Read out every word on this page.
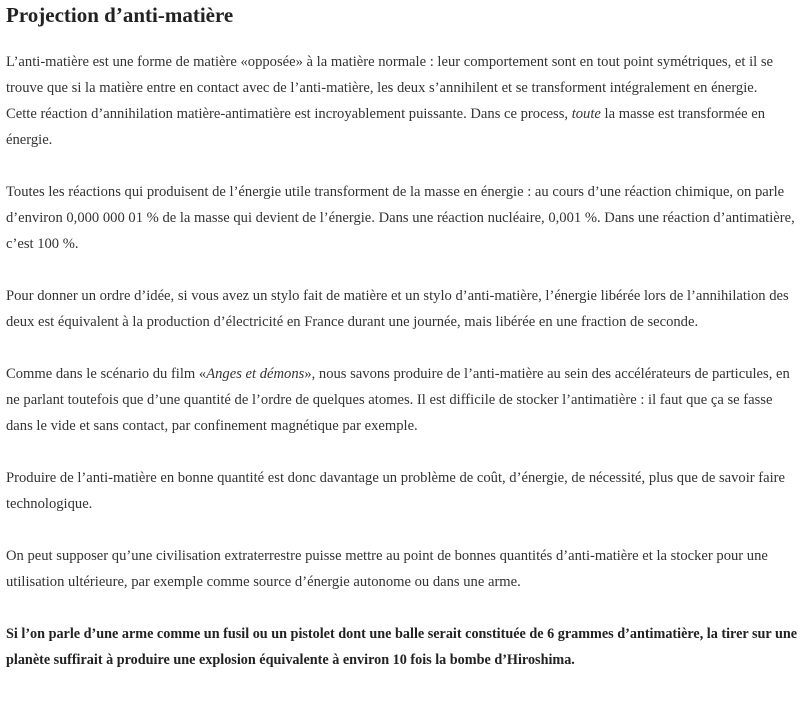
Projection d’anti-matière

L’anti-matière est une forme de matière «opposée» à la matière normale : leur comportement sont en tout point symétriques, et il se trouve que si la matière entre en contact avec de l’anti-matière, les deux s’annihilent et se transforment intégralement en énergie.
Cette réaction d’annihilation matière-antimatière est incroyablement puissante. Dans ce process, toute la masse est transformée en énergie.

Toutes les réactions qui produisent de l’énergie utile transforment de la masse en énergie : au cours d’une réaction chimique, on parle d’environ 0,000 000 01 % de la masse qui devient de l’énergie. Dans une réaction nucléaire, 0,001 %. Dans une réaction d’antimatière, c’est 100 %.

Pour donner un ordre d’idée, si vous avez un stylo fait de matière et un stylo d’anti-matière, l’énergie libérée lors de l’annihilation des deux est équivalent à la production d’électricité en France durant une journée, mais libérée en une fraction de seconde.

Comme dans le scénario du film «Anges et démons», nous savons produire de l’anti-matière au sein des accélérateurs de particules, en ne parlant toutefois que d’une quantité de l’ordre de quelques atomes. Il est difficile de stocker l’antimatière : il faut que ça se fasse dans le vide et sans contact, par confinement magnétique par exemple.

Produire de l’anti-matière en bonne quantité est donc davantage un problème de coût, d’énergie, de nécessité, plus que de savoir faire technologique.

On peut supposer qu’une civilisation extraterrestre puisse mettre au point de bonnes quantités d’anti-matière et la stocker pour une utilisation ultérieure, par exemple comme source d’énergie autonome ou dans une arme.

Si l’on parle d’une arme comme un fusil ou un pistolet dont une balle serait constituée de 6 grammes d’antimatière, la tirer sur une planète suffirait à produire une explosion équivalente à environ 10 fois la bombe d’Hiroshima.
